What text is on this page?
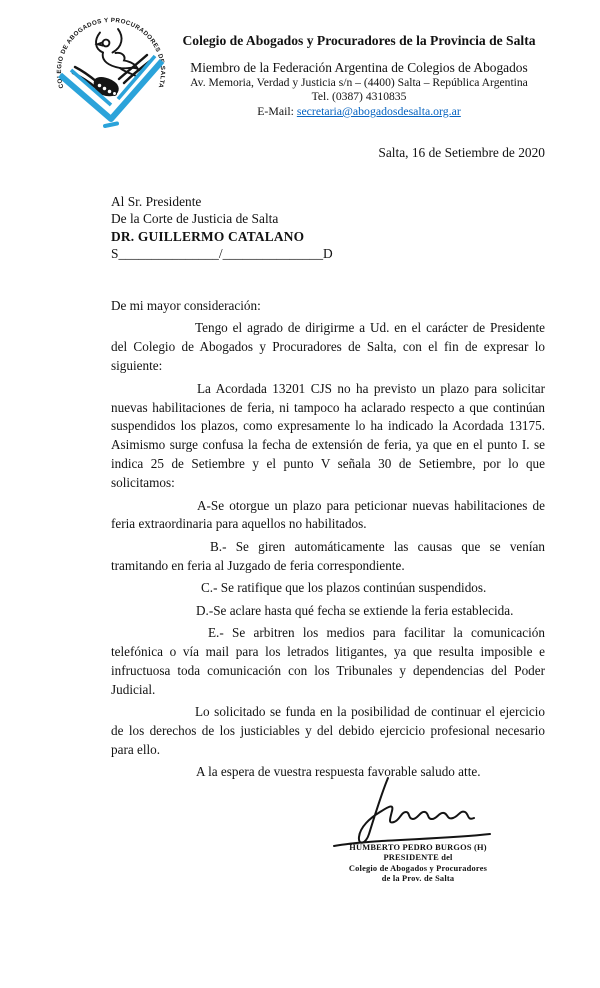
COLEGIO DE ABOGADOS Y PROCURADORES DE SALTA

Colegio de Abogados y Procuradores de la Provincia de Salta

Miembro de la Federación Argentina de Colegios de Abogados

Av. Memoria, Verdad y Justicia s/n – (4400) Salta – República Argentina

Tel. (0387) 4310835

E-Mail: secretaria@abogadosdesalta.org.ar

Salta, 16 de Setiembre de 2020
Al Sr. Presidente
De la Corte de Justicia de Salta
DR. GUILLERMO CATALANO
S_______________/_______________D

De mi mayor consideración:

Tengo el agrado de dirigirme a Ud. en el carácter de Presidente del Colegio de Abogados y Procuradores de Salta, con el fin de expresar lo siguiente:

La Acordada 13201 CJS no ha previsto un plazo para solicitar nuevas habilitaciones de feria, ni tampoco ha aclarado respecto a que continúan suspendidos los plazos, como expresamente lo ha indicado la Acordada 13175. Asimismo surge confusa la fecha de extensión de feria, ya que en el punto I. se indica 25 de Setiembre y el punto V señala 30 de Setiembre, por lo que solicitamos:

A-Se otorgue un plazo para peticionar nuevas habilitaciones de feria extraordinaria para aquellos no habilitados.

B.- Se giren automáticamente las causas que se venían tramitando en feria al Juzgado de feria correspondiente.

C.- Se ratifique que los plazos continúan suspendidos.

D.-Se aclare hasta qué fecha se extiende la feria establecida.

E.- Se arbitren los medios para facilitar la comunicación telefónica o vía mail para los letrados litigantes, ya que resulta imposible e infructuosa toda comunicación con los Tribunales y dependencias del Poder Judicial.

Lo solicitado se funda en la posibilidad de continuar el ejercicio de los derechos de los justiciables y del debido ejercicio profesional necesario para ello.

A la espera de vuestra respuesta favorable saludo atte.

HUMBERTO PEDRO BURGOS (H)
PRESIDENTE del
Colegio de Abogados y Procuradores
de la Prov. de Salta
